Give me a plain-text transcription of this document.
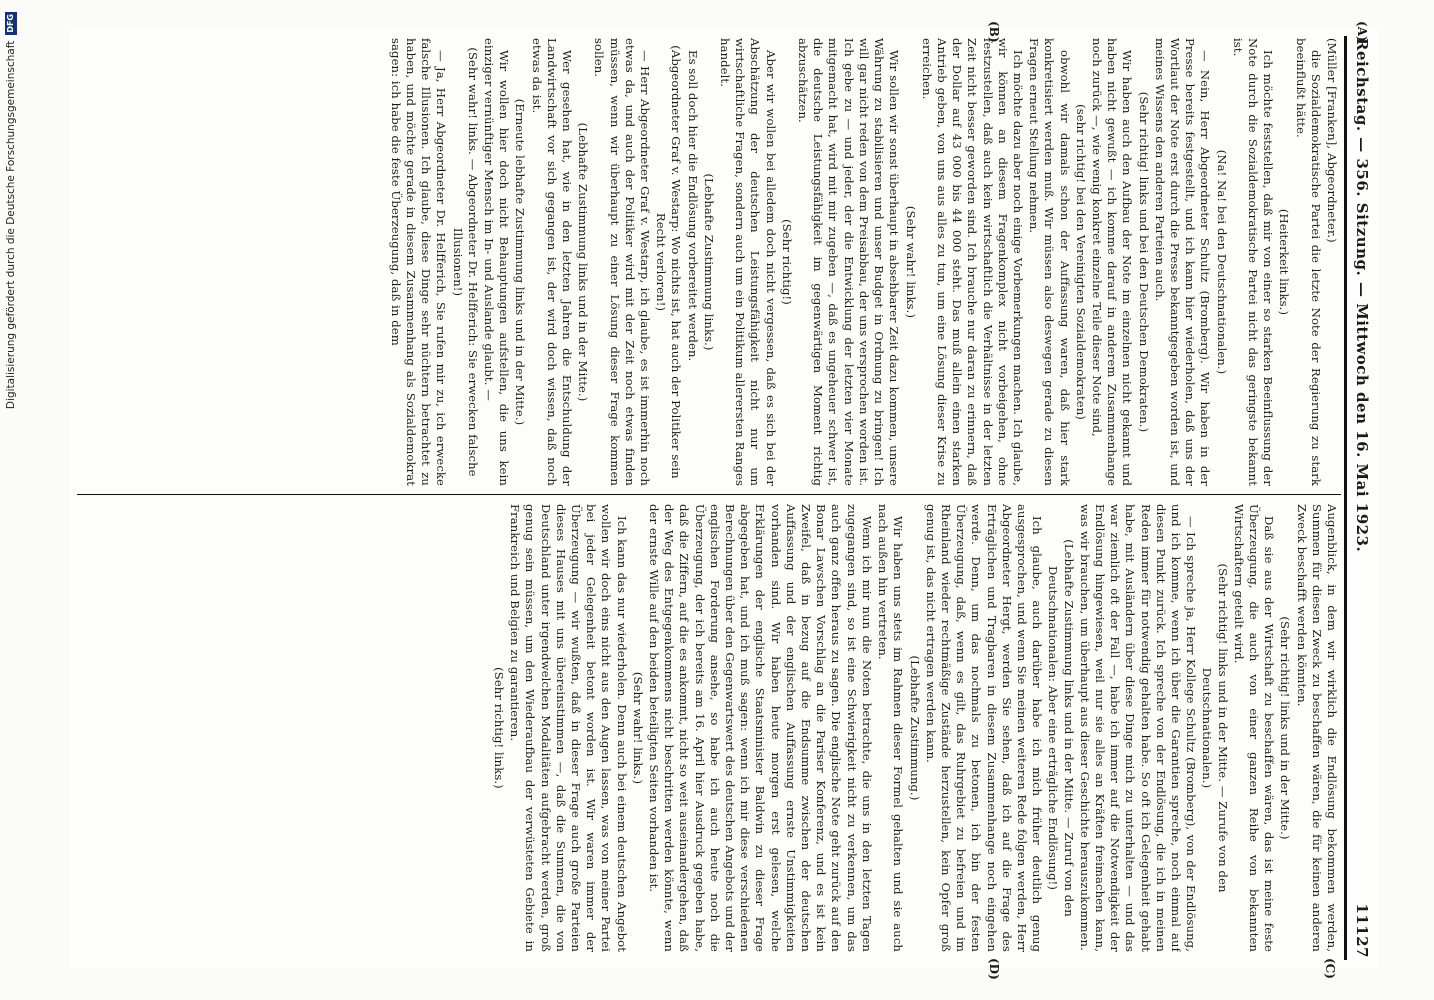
Reichstag. — 356. Sitzung. — Mittwoch den 16. Mai 1923.
11127
(A)
(B)
(C)
(D)

(Müller [Franken], Abgeordneter.)

die Sozialdemokratische Partei die letzte Note der Regierung zu stark beeinflußt hätte.

(Heiterkeit links.)

Ich möchte feststellen, daß mir von einer so starken Beeinflussung der Note durch die Sozialdemokratische Partei nicht das geringste bekannt ist.

(Na! Na! bei den Deutschnationalen.)

— Nein, Herr Abgeordneter Schultz (Bromberg). Wir haben in der Presse bereits festgestellt, und ich kann hier wiederholen, daß uns der Wortlaut der Note erst durch die Presse bekanntgegeben worden ist, und meines Wissens den anderen Parteien auch.

(Sehr richtig! links und bei den Deutschen Demokraten.)

Wir haben auch den Aufbau der Note im einzelnen nicht gekannt und haben nicht gewußt — ich komme darauf in anderem Zusammenhange noch zurück —, wie wenig konkret einzelne Teile dieser Note sind,

(sehr richtig! bei den Vereinigten Sozialdemokraten)

obwohl wir damals schon der Auffassung waren, daß hier stark konkretisiert werden muß. Wir müssen also deswegen gerade zu diesen Fragen erneut Stellung nehmen.

Ich möchte dazu aber noch einige Vorbemerkungen machen. Ich glaube, wir können an diesem Fragenkomplex nicht vorbeigehen, ohne festzustellen, daß auch kein wirtschaftlich die Verhältnisse in der letzten Zeit nicht besser geworden sind. Ich brauche nur daran zu erinnern, daß der Dollar auf 43 000 bis 44 000 steht. Das muß allein einen starken Antrieb geben, von uns aus alles zu tun, um eine Lösung dieser Krise zu erreichen.

(Sehr wahr! links.)

Wir sollen wir sonst überhaupt in absehbarer Zeit dazu kommen, unsere Währung zu stabilisieren und unser Budget in Ordnung zu bringen! Ich will gar nicht reden von dem Preisabbau, der uns versprochen worden ist. Ich gebe zu — und jeder, der die Entwicklung der letzten vier Monate mitgemacht hat, wird mit mir zugeben —, daß es ungeheuer schwer ist, die deutsche Leistungsfähigkeit im gegenwärtigen Moment richtig abzuschätzen.

(Sehr richtig!)

Aber wir wollen bei alledem doch nicht vergessen, daß es sich bei der Abschätzung der deutschen Leistungsfähigkeit nicht nur um wirtschaftliche Fragen, sondern auch um ein Politikum allerersten Ranges handelt.

(Lebhafte Zustimmung links.)

Es soll doch hier die Endlösung vorbereitet werden.

(Abgeordneter Graf v. Westarp: Wo nichts ist, hat auch der Politiker sein Recht verloren!)

— Herr Abgeordneter Graf v. Westarp, ich glaube, es ist immerhin noch etwas da, und auch der Politiker wird mit der Zeit noch etwas finden müssen, wenn wir überhaupt zu einer Lösung dieser Frage kommen sollen.

(Lebhafte Zustimmung links und in der Mitte.)

Wer gesehen hat, wie in den letzten Jahren die Entschuldung der Landwirtschaft vor sich gegangen ist, der wird doch wissen, daß noch etwas da ist.

(Erneute lebhafte Zustimmung links und in der Mitte.)

Wir wollen hier doch nicht Behauptungen aufstellen, die uns kein einziger vernünftiger Mensch im In- und Auslande glaubt. —

(Sehr wahr! links. — Abgeordneter Dr. Helfferich: Sie erwecken falsche Illusionen!)

— Ja, Herr Abgeordneter Dr. Helfferich, Sie rufen mir zu, ich erwecke falsche Illusionen. Ich glaube, diese Dinge sehr nüchtern betrachtet zu haben, und möchte gerade in diesem Zusammenhang als Sozialdemokrat sagen: ich habe die feste Überzeugung, daß in dem

Augenblick, in dem wir wirklich die Endlösung bekommen werden, Summen für diesen Zweck zu beschaffen wären, die für keinen anderen Zweck beschafft werden könnten.

(Sehr richtig! links und in der Mitte.)

Daß sie aus der Wirtschaft zu beschaffen wären, das ist meine feste Überzeugung, die auch von einer ganzen Reihe von bekannten Wirtschaftern geteilt wird.

(Sehr richtig! links und in der Mitte. — Zurufe von den Deutschnationalen.)

— Ich spreche ja, Herr Kollege Schultz (Bromberg), von der Endlösung, und ich komme, wenn ich über die Garantien spreche, noch einmal auf diesen Punkt zurück. Ich spreche von der Endlösung, die ich in meinen Reden immer für notwendig gehalten habe. So oft ich Gelegenheit gehabt habe, mit Ausländern über diese Dinge mich zu unterhalten — und das war ziemlich oft der Fall —, habe ich immer auf die Notwendigkeit der Endlösung hingewiesen, weil nur sie alles an Kräften freimachen kann, was wir brauchen, um überhaupt aus dieser Geschichte herauszukommen.

(Lebhafte Zustimmung links und in der Mitte. — Zuruf von den Deutschnationalen: Aber eine erträgliche Endlösung!)

Ich glaube, auch darüber habe ich mich früher deutlich genug ausgesprochen, und wenn Sie meinen weiteren Rede folgen werden, Herr Abgeordneter Hergt, werden Sie sehen, daß ich auf die Frage des Erträglichen und Tragbaren in diesem Zusammenhange noch eingehen werde. Denn, um das nochmals zu betonen, ich bin der festen Überzeugung, daß, wenn es gilt, das Ruhrgebiet zu befreien und im Rheinland wieder rechtmäßige Zustände herzustellen, kein Opfer groß genug ist, das nicht ertragen werden kann.

(Lebhafte Zustimmung.)

Wir haben uns stets im Rahmen dieser Formel gehalten und sie auch nach außen hin vertreten.

Wenn ich mir nun die Noten betrachte, die uns in den letzten Tagen zugegangen sind, so ist eine Schwierigkeit nicht zu verkennen, um das auch ganz offen heraus zu sagen. Die englische Note geht zurück auf den Bonar Lawschen Vorschlag an die Pariser Konferenz, und es ist kein Zweifel, daß in bezug auf die Endsumme zwischen der deutschen Auffassung und der englischen Auffassung ernste Unstimmigkeiten vorhanden sind. Wir haben heute morgen erst gelesen, welche Erklärungen der englische Staatsminister Baldwin zu dieser Frage abgegeben hat, und ich muß sagen: wenn ich mir diese verschiedenen Berechnungen über den Gegenwartswert des deutschen Angebots und der englischen Forderung ansehe, so habe ich auch heute noch die Überzeugung, der ich bereits am 16. April hier Ausdruck gegeben habe, daß die Ziffern, auf die es ankommt, nicht so weit auseinandergehen, daß der Weg des Entgegenkommens nicht beschritten werden könnte, wenn der ernste Wille auf den beiden beteiligten Seiten vorhanden ist.

(Sehr wahr! links.)

Ich kann das nur wiederholen. Denn auch bei einem deutschen Angebot wollen wir doch eins nicht aus den Augen lassen, was von meiner Partei bei jeder Gelegenheit betont worden ist. Wir waren immer der Überzeugung — wir wußten, daß in dieser Frage auch große Parteien dieses Hauses mit uns übereinstimmen —, daß die Summen, die von Deutschland unter irgendwelchen Modalitäten aufgebracht werden, groß genug sein müssen, um den Wiederaufbau der verwüsteten Gebiete in Frankreich und Belgien zu garantieren.

(Sehr richtig! links.)

Digitalisierung gefördert durch die Deutsche Forschungsgemeinschaft
DFG
